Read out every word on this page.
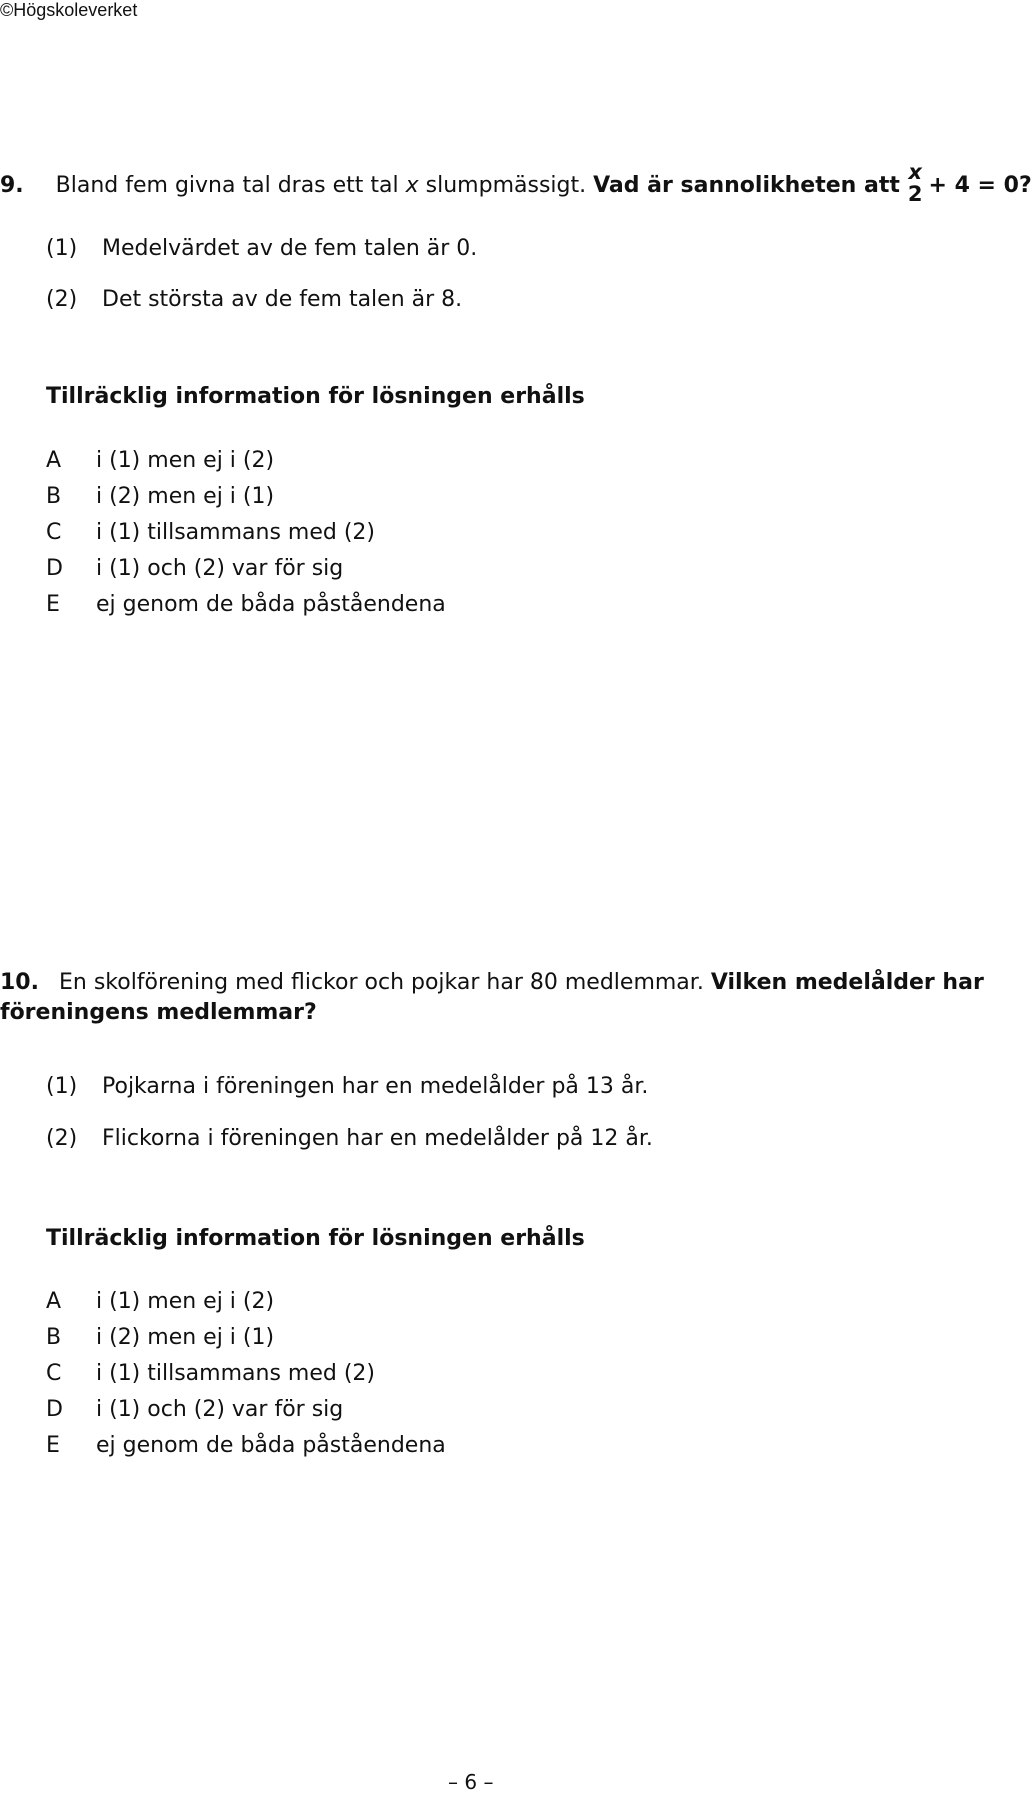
©Högskoleverket
9. Bland fem givna tal dras ett tal x slumpmässigt. Vad är sannolikheten att
x
2 + 4 = 0?
(1) Medelvärdet av de fem talen är 0.
(2) Det största av de fem talen är 8.
Tillräcklig information för lösningen erhålls
A i (1) men ej i (2)
B i (2) men ej i (1)
C i (1) tillsammans med (2)
D i (1) och (2) var för sig
E ej genom de båda påståendena
10. En skolförening med flickor och pojkar har 80 medlemmar. Vilken medelålder har
föreningens medlemmar?
(1) Pojkarna i föreningen har en medelålder på 13 år.
(2) Flickorna i föreningen har en medelålder på 12 år.
Tillräcklig information för lösningen erhålls
A i (1) men ej i (2)
B i (2) men ej i (1)
C i (1) tillsammans med (2)
D i (1) och (2) var för sig
E ej genom de båda påståendena
– 6 –
